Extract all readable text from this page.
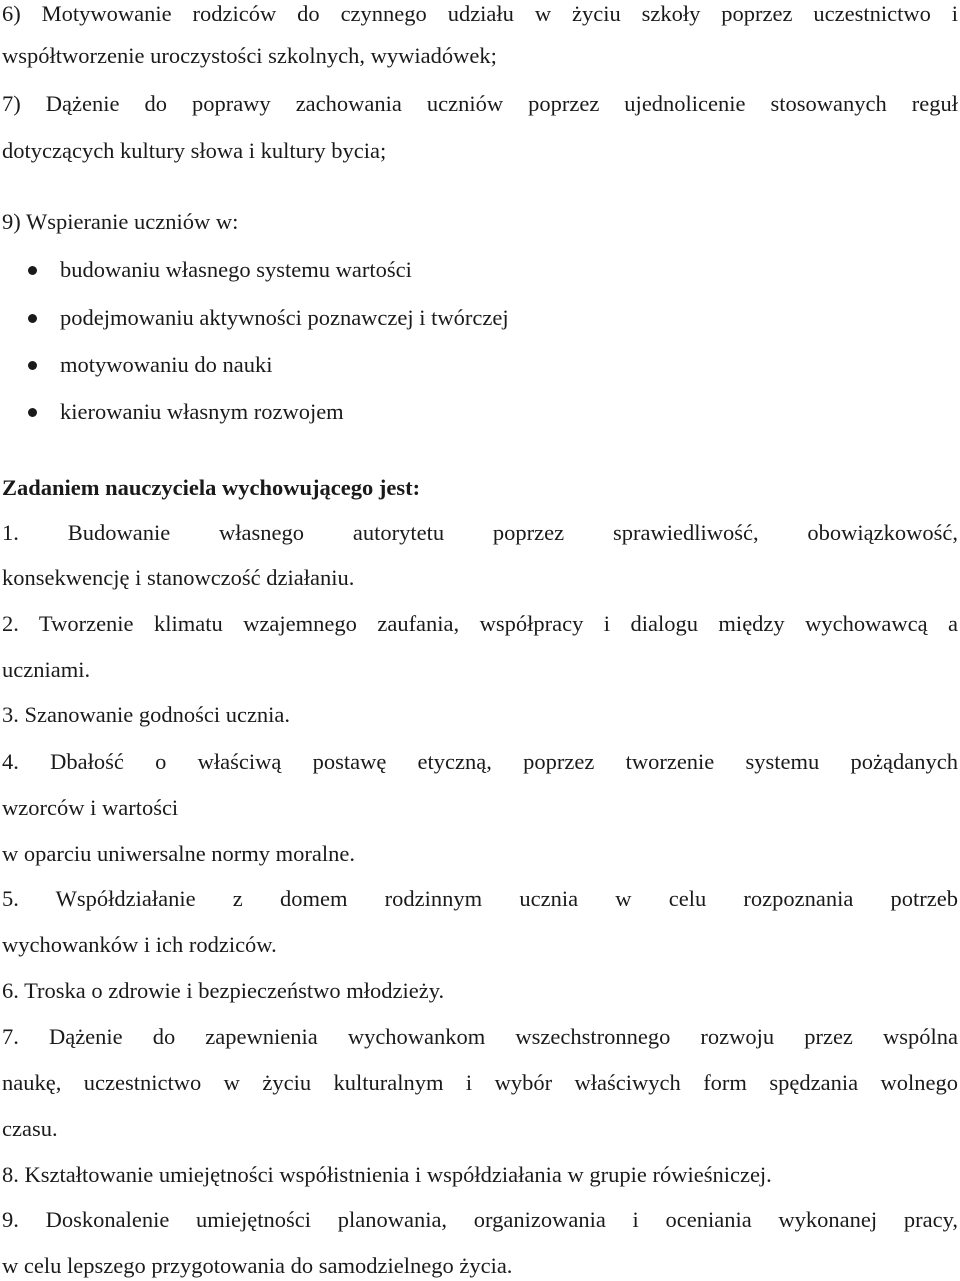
6) Motywowanie rodziców do czynnego udziału w życiu szkoły poprzez uczestnictwo i
współtworzenie uroczystości szkolnych, wywiadówek;
7) Dążenie do poprawy zachowania uczniów poprzez ujednolicenie stosowanych reguł
dotyczących kultury słowa i kultury bycia;
9) Wspieranie uczniów w:
budowaniu własnego systemu wartości
podejmowaniu aktywności poznawczej i twórczej
motywowaniu do nauki
kierowaniu własnym rozwojem
Zadaniem nauczyciela wychowującego jest:
1. Budowanie własnego autorytetu poprzez sprawiedliwość, obowiązkowość,
konsekwencję i stanowczość działaniu.
2. Tworzenie klimatu wzajemnego zaufania, współpracy i dialogu między wychowawcą a
uczniami.
3. Szanowanie godności ucznia.
4. Dbałość o właściwą postawę etyczną, poprzez tworzenie systemu pożądanych
wzorców i wartości
w oparciu uniwersalne normy moralne.
5. Współdziałanie z domem rodzinnym ucznia w celu rozpoznania potrzeb
wychowanków i ich rodziców.
6. Troska o zdrowie i bezpieczeństwo młodzieży.
7. Dążenie do zapewnienia wychowankom wszechstronnego rozwoju przez wspólna
naukę, uczestnictwo w życiu kulturalnym i wybór właściwych form spędzania wolnego
czasu.
8. Kształtowanie umiejętności współistnienia i współdziałania w grupie rówieśniczej.
9. Doskonalenie umiejętności planowania, organizowania i oceniania wykonanej pracy,
w celu lepszego przygotowania do samodzielnego życia.
